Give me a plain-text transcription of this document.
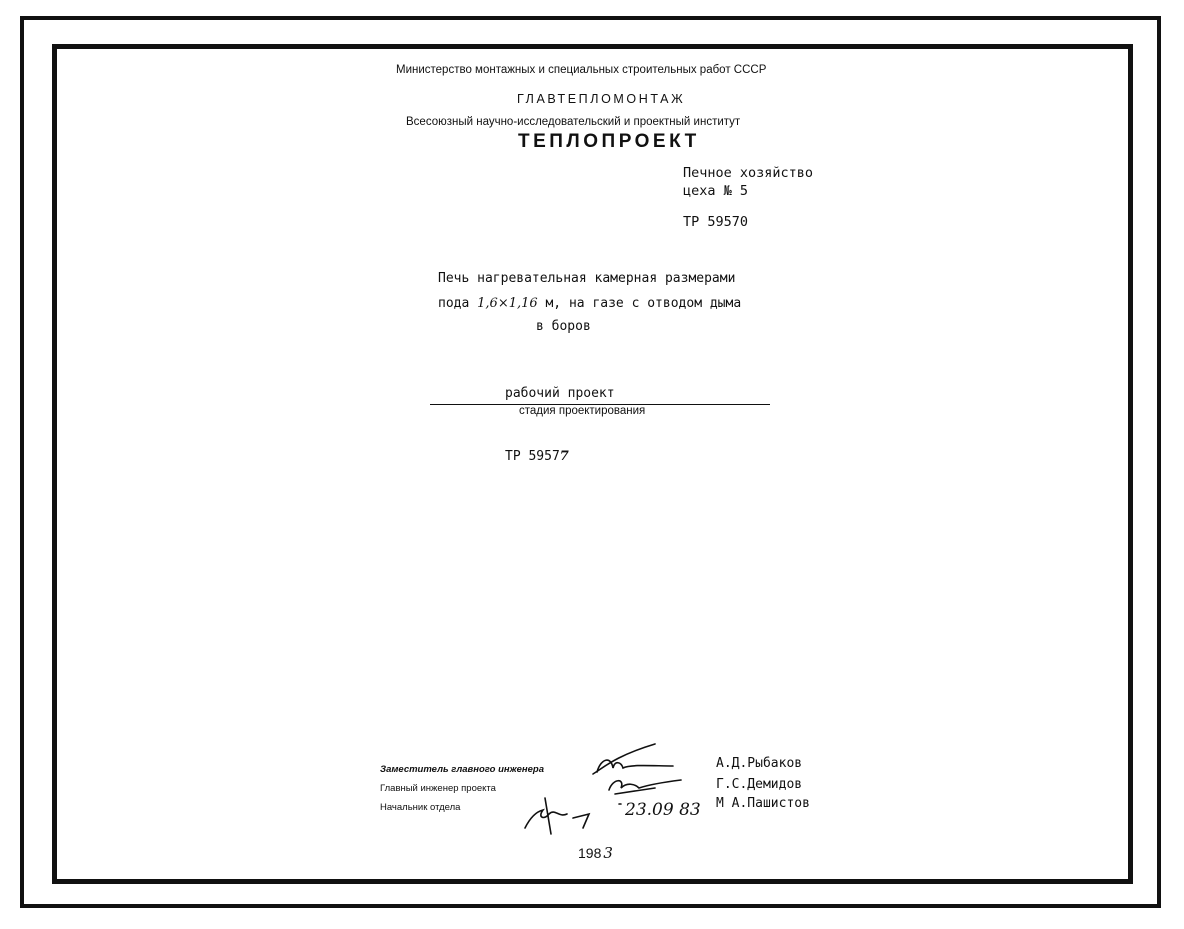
Министерство монтажных и специальных строительных работ СССР
ГЛАВТЕПЛОМОНТАЖ
Всесоюзный научно-исследовательский и проектный институт
ТЕПЛОПРОЕКТ
Печное хозяйство
цеха № 5
ТР 59570
Печь нагревательная камерная размерами
пода 1,6×1,16 м, на газе с отводом дыма
в боров
рабочий проект
стадия проектирования
ТР 59577
Заместитель главного инженера
Главный инженер проекта
Начальник отдела
А.Д.Рыбаков
Г.С.Демидов
М А.Пашистов
23.09 83
198 3
